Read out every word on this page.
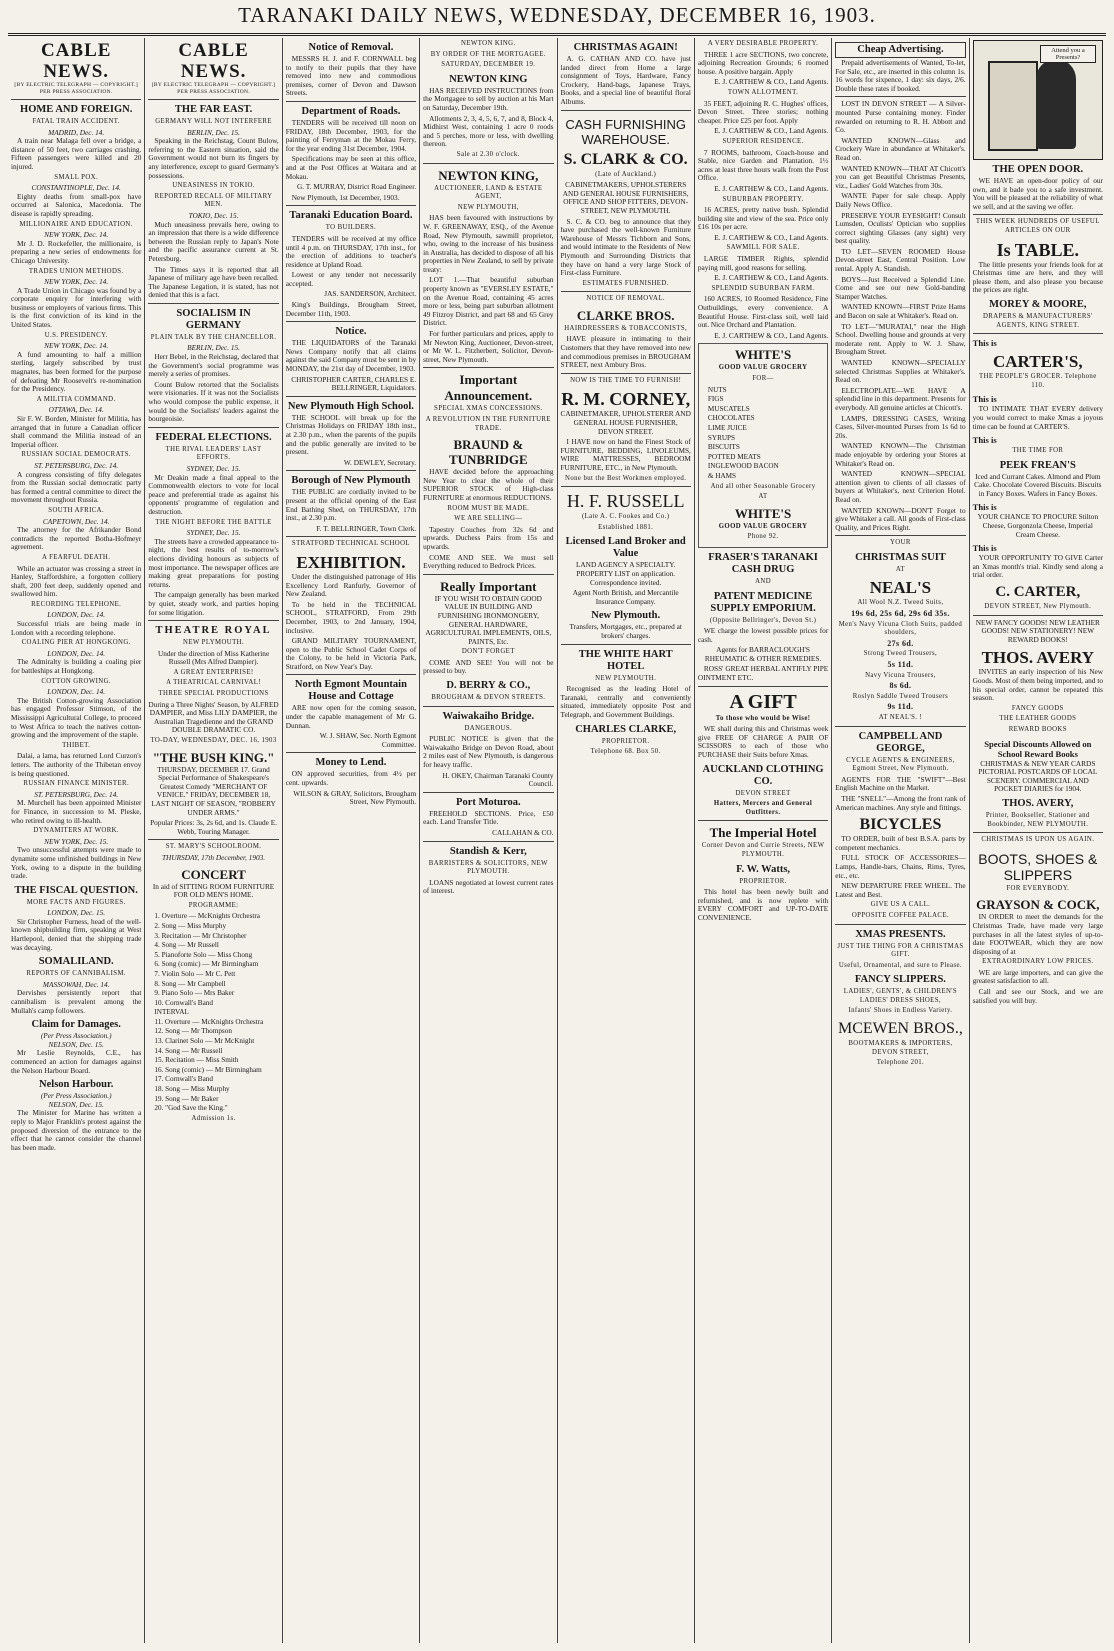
TARANAKI DAILY NEWS, WEDNESDAY, DECEMBER 16, 1903.
CABLE NEWS.
[BY ELECTRIC TELEGRAPH — COPYRIGHT.]
PER PRESS ASSOCIATION.
HOME AND FOREIGN.
FATAL TRAIN ACCIDENT.
MADRID, Dec. 14.

A train near Malaga fell over a bridge, a distance of 50 feet, two carriages crashing. Fifteen passengers were killed and 20 injured.

SMALL POX.
CONSTANTINOPLE, Dec. 14.

Eighty deaths from small-pox have occurred at Salonica, Macedonia. The disease is rapidly spreading.

MILLIONAIRE AND EDUCATION.
NEW YORK, Dec. 14.

Mr J. D. Rockefeller, the millionaire, is preparing a new series of endowments for Chicago University.

TRADES UNION METHODS.
NEW YORK, Dec. 14.

A Trade Union in Chicago was found by a corporate enquiry for interfering with business or employers of various firms. This is the first conviction of its kind in the United States.

U.S. PRESIDENCY.
NEW YORK, Dec. 14.

A fund amounting to half a million sterling, largely subscribed by trust magnates, has been formed for the purpose of defeating Mr Roosevelt's re-nomination for the Presidency.

A MILITIA COMMAND.
OTTAWA, Dec. 14.

Sir F. W. Borden, Minister for Militia, has arranged that in future a Canadian officer shall command the Militia instead of an Imperial officer.

RUSSIAN SOCIAL DEMOCRATS.
ST. PETERSBURG, Dec. 14.

A congress consisting of fifty delegates from the Russian social democratic party has formed a central committee to direct the movement throughout Russia.

SOUTH AFRICA.
CAPETOWN, Dec. 14.

The attorney for the Afrikander Bond contradicts the reported Botha-Hofmeyr agreement.

A FEARFUL DEATH.

While an actuator was crossing a street in Hanley, Staffordshire, a forgotten colliery shaft, 200 feet deep, suddenly opened and swallowed him.

RECORDING TELEPHONE.
LONDON, Dec. 14.

Successful trials are being made in London with a recording telephone.

COALING PIER AT HONGKONG.
LONDON, Dec. 14.

The Admiralty is building a coaling pier for battleships at Hongkong.

COTTON GROWING.
LONDON, Dec. 14.

The British Cotton-growing Association has engaged Professor Stimson, of the Mississippi Agricultural College, to proceed to West Africa to teach the natives cotton-growing and the improvement of the staple.

THIBET.

Dalai, a lama, has returned Lord Curzon's letters. The authority of the Thibetan envoy is being questioned.

RUSSIAN FINANCE MINISTER.
ST. PETERSBURG, Dec. 14.

M. Murchell has been appointed Minister for Finance, in succession to M. Pleske, who retired owing to ill-health.

DYNAMITERS AT WORK.
NEW YORK, Dec. 15.

Two unsuccessful attempts were made to dynamite some unfinished buildings in New York, owing to a dispute in the building trade.

THE FISCAL QUESTION.
MORE FACTS AND FIGURES.
LONDON, Dec. 15.

Sir Christopher Furness, head of the well-known shipbuilding firm, speaking at West Hartlepool, denied that the shipping trade was decaying.

SOMALILAND.
REPORTS OF CANNIBALISM.
MASSOWAH, Dec. 14.

Dervishes persistently report that cannibalism is prevalent among the Mullah's camp followers.

Claim for Damages.
(Per Press Association.)
NELSON, Dec. 15.

Mr Leslie Reynolds, C.E., has commenced an action for damages against the Nelson Harbour Board.

Nelson Harbour.
(Per Press Association.)
NELSON, Dec. 15.

The Minister for Marine has written a reply to Major Franklin's protest against the proposed diversion of the entrance to the effect that he cannot consider the channel has been made.

CABLE NEWS.
[BY ELECTRIC TELEGRAPH — COPYRIGHT.]
PER PRESS ASSOCIATION.
THE FAR EAST.
GERMANY WILL NOT INTERFERE
BERLIN, Dec. 15.

Speaking in the Reichstag, Count Bulow, referring to the Eastern situation, said the Government would not burn its fingers by any interference, except to guard Germany's possessions.

UNEASINESS IN TOKIO.
REPORTED RECALL OF MILITARY MEN.
TOKIO, Dec. 15.

Much uneasiness prevails here, owing to an impression that there is a wide difference between the Russian reply to Japan's Note and the pacific assurance current at St. Petersburg.

The Times says it is reported that all Japanese of military age have been recalled. The Japanese Legation, it is stated, has not denied that this is a fact.

SOCIALISM IN GERMANY
PLAIN TALK BY THE CHANCELLOR.
BERLIN, Dec. 15.

Herr Bebel, in the Reichstag, declared that the Government's social programme was merely a series of promises.

Count Bulow retorted that the Socialists were visionaries. If it was not the Socialists who would compose the public expense, it would be the Socialists' leaders against the bourgeoisie.

FEDERAL ELECTIONS.
THE RIVAL LEADERS' LAST EFFORTS.
SYDNEY, Dec. 15.

Mr Deakin made a final appeal to the Commonwealth electors to vote for local peace and preferential trade as against his opponents' programme of regulation and destruction.

THE NIGHT BEFORE THE BATTLE
SYDNEY, Dec. 15.

The streets have a crowded appearance to-night, the best results of to-morrow's elections dividing honours as subjects of most importance. The newspaper offices are making great preparations for posting returns.

The campaign generally has been marked by quiet, steady work, and parties hoping for some litigation.

THEATRE ROYAL
NEW PLYMOUTH.

Under the direction of Miss Katherine Russell (Mrs Alfred Dampier).

A GREAT ENTERPRISE!
A THEATRICAL CARNIVAL!
THREE SPECIAL PRODUCTIONS

During a Three Nights' Season, by ALFRED DAMPIER, and Miss LILY DAMPIER, the Australian Tragedienne and the GRAND DOUBLE DRAMATIC CO.

TO-DAY, WEDNESDAY, DEC. 16, 1903
"THE BUSH KING."

THURSDAY, DECEMBER 17. Grand Special Performance of Shakespeare's Greatest Comedy "MERCHANT OF VENICE." FRIDAY, DECEMBER 18, LAST NIGHT OF SEASON, "ROBBERY UNDER ARMS."

Popular Prices: 3s, 2s 6d, and 1s. Claude E. Webb, Touring Manager.

ST. MARY'S SCHOOLROOM.
THURSDAY, 17th December, 1903.
CONCERT

In aid of SITTING ROOM FURNITURE FOR OLD MEN'S HOME.

PROGRAMME:
1. Overture — McKnights Orchestra
2. Song — Miss Murphy
3. Recitation — Mr Christopher
4. Song — Mr Russell
5. Pianoforte Solo — Miss Chong
6. Song (comic) — Mr Birmingham
7. Violin Solo — Mr C. Pett
8. Song — Mr Campbell
9. Piano Solo — Mrs Baker
10. Cornwall's Band
INTERVAL
11. Overture — McKnights Orchestra
12. Song — Mr Thompson
13. Clarinet Solo — Mr McKnight
14. Song — Mr Russell
15. Recitation — Miss Smith
16. Song (comic) — Mr Birmingham
17. Cornwall's Band
18. Song — Miss Murphy
19. Song — Mr Baker
20. "God Save the King."
Admission 1s.
Notice of Removal.

MESSRS H. J. and F. CORNWALL beg to notify to their pupils that they have removed into new and commodious premises, corner of Devon and Dawson Streets.

Department of Roads.

TENDERS will be received till noon on FRIDAY, 18th December, 1903, for the painting of Ferryman at the Mokau Ferry, for the year ending 31st December, 1904.

Specifications may be seen at this office, and at the Post Offices at Waitara and at Mokau.

G. T. MURRAY, District Road Engineer.

New Plymouth, 1st December, 1903.

Taranaki Education Board.
TO BUILDERS.

TENDERS will be received at my office until 4 p.m. on THURSDAY, 17th inst., for the erection of additions to teacher's residence at Upland Road.

Lowest or any tender not necessarily accepted.

JAS. SANDERSON, Architect.

King's Buildings, Brougham Street, December 11th, 1903.

Notice.

THE LIQUIDATORS of the Taranaki News Company notify that all claims against the said Company must be sent in by MONDAY, the 21st day of December, 1903.

CHRISTOPHER CARTER, CHARLES E. BELLRINGER, Liquidators.

New Plymouth High School.

THE SCHOOL will break up for the Christmas Holidays on FRIDAY 18th inst., at 2.30 p.m., when the parents of the pupils and the public generally are invited to be present.

W. DEWLEY, Secretary.

Borough of New Plymouth

THE PUBLIC are cordially invited to be present at the official opening of the East End Bathing Shed, on THURSDAY, 17th inst., at 2.30 p.m.

F. T. BELLRINGER, Town Clerk.

STRATFORD TECHNICAL SCHOOL
EXHIBITION.

Under the distinguished patronage of His Excellency Lord Ranfurly, Governor of New Zealand.

To be held in the TECHNICAL SCHOOL, STRATFORD, From 29th December, 1903, to 2nd January, 1904, inclusive.

GRAND MILITARY TOURNAMENT, open to the Public School Cadet Corps of the Colony, to be held in Victoria Park, Stratford, on New Year's Day.

North Egmont Mountain House and Cottage

ARE now open for the coming season, under the capable management of Mr G. Dunnan.

W. J. SHAW, Sec. North Egmont Committee.

Money to Lend.

ON approved securities, from 4½ per cent. upwards.

WILSON & GRAY, Solicitors, Brougham Street, New Plymouth.

NEWTON KING.
BY ORDER OF THE MORTGAGEE.
SATURDAY, DECEMBER 19.
NEWTON KING

HAS RECEIVED INSTRUCTIONS from the Mortgagee to sell by auction at his Mart on Saturday, December 19th.

Allotments 2, 3, 4, 5, 6, 7, and 8, Block 4, Midhirst West, containing 1 acre 0 roods and 5 perches, more or less, with dwelling thereon.

Sale at 2.30 o'clock.
NEWTON KING,
AUCTIONEER, LAND & ESTATE AGENT,
NEW PLYMOUTH,

HAS been favoured with instructions by W. F. GREENAWAY, ESQ., of the Avenue Road, New Plymouth, sawmill proprietor, who, owing to the increase of his business in Australia, has decided to dispose of all his properties in New Zealand, to sell by private treaty:

LOT 1.—That beautiful suburban property known as "EVERSLEY ESTATE," on the Avenue Road, containing 45 acres more or less, being part suburban allotment 49 Fitzroy District, and part 68 and 65 Grey District.

For further particulars and prices, apply to Mr Newton King, Auctioneer, Devon-street, or Mr W. L. Fitzherbert, Solicitor, Devon-street, New Plymouth.

Important
Announcement.
SPECIAL XMAS CONCESSIONS.
A REVOLUTION IN THE FURNITURE TRADE.
BRAUND & TUNBRIDGE

HAVE decided before the approaching New Year to clear the whole of their SUPERIOR STOCK of High-class FURNITURE at enormous REDUCTIONS.

ROOM MUST BE MADE.
WE ARE SELLING—

Tapestry Couches from 32s 6d and upwards. Duchess Pairs from 15s and upwards.

COME AND SEE. We must sell Everything reduced to Bedrock Prices.

Really Important

IF YOU WISH TO OBTAIN GOOD VALUE IN BUILDING AND FURNISHING IRONMONGERY, GENERAL HARDWARE, AGRICULTURAL IMPLEMENTS, OILS, PAINTS, Etc.

DON'T FORGET

COME AND SEE! You will not be pressed to buy.

D. BERRY & CO.,
BROUGHAM & DEVON STREETS.
Waiwakaiho Bridge.
DANGEROUS.

PUBLIC NOTICE is given that the Waiwakaiho Bridge on Devon Road, about 2 miles east of New Plymouth, is dangerous for heavy traffic.

H. OKEY, Chairman Taranaki County Council.

Port Moturoa.

FREEHOLD SECTIONS. Price, £50 each. Land Transfer Title.

CALLAHAN & CO.

Standish & Kerr,
BARRISTERS & SOLICITORS, NEW PLYMOUTH.

LOANS negotiated at lowest current rates of interest.

CHRISTMAS AGAIN!

A. G. CATHAN AND CO. have just landed direct from Home a large consignment of Toys, Hardware, Fancy Crockery, Hand-bags, Japanese Trays, Books, and a special line of beautiful floral Albums.

CASH FURNISHING WAREHOUSE.
S. CLARK & CO.
(Late of Auckland.)

CABINETMAKERS, UPHOLSTERERS AND GENERAL HOUSE FURNISHERS, OFFICE AND SHOP FITTERS, DEVON-STREET, NEW PLYMOUTH.

S. C. & CO. beg to announce that they have purchased the well-known Furniture Warehouse of Messrs Tichborn and Sons, and would intimate to the Residents of New Plymouth and Surrounding Districts that they have on hand a very large Stock of First-class Furniture.

ESTIMATES FURNISHED.
NOTICE OF REMOVAL.
CLARKE BROS.
HAIRDRESSERS & TOBACCONISTS,

HAVE pleasure in intimating to their Customers that they have removed into new and commodious premises in BROUGHAM STREET, next Ambury Bros.

NOW IS THE TIME TO FURNISH!
R. M. CORNEY,

CABINETMAKER, UPHOLSTERER AND GENERAL HOUSE FURNISHER, DEVON STREET.

I HAVE now on hand the Finest Stock of FURNITURE, BEDDING, LINOLEUMS, WIRE MATTRESSES, BEDROOM FURNITURE, ETC., in New Plymouth.

None but the Best Workmen employed.
H. F. RUSSELL
(Late A. C. Fookes and Co.)
Established 1881.
Licensed Land Broker and Value

LAND AGENCY A SPECIALTY. PROPERTY LIST on application. Correspondence invited.

Agent North British, and Mercantile Insurance Company.

New Plymouth.

Transfers, Mortgages, etc., prepared at brokers' charges.

THE WHITE HART HOTEL
NEW PLYMOUTH.

Recognised as the leading Hotel of Taranaki, centrally and conveniently situated, immediately opposite Post and Telegraph, and Government Buildings.

CHARLES CLARKE,
PROPRIETOR.
Telephone 68. Box 50.
A VERY DESIRABLE PROPERTY.

THREE 1 acre SECTIONS, two concrete, adjoining Recreation Grounds; 6 roomed house. A positive bargain. Apply

E. J. CARTHEW & CO., Land Agents.

TOWN ALLOTMENT.

35 FEET, adjoining R. C. Hughes' offices, Devon Street. Three stories; nothing cheaper. Price £25 per foot. Apply

E. J. CARTHEW & CO., Land Agents.

SUPERIOR RESIDENCE.

7 ROOMS, bathroom, Coach-house and Stable, nice Garden and Plantation. 1½ acres at least three hours walk from the Post Office.

E. J. CARTHEW & CO., Land Agents.

SUBURBAN PROPERTY.

16 ACRES, pretty native bush. Splendid building site and view of the sea. Price only £16 10s per acre.

E. J. CARTHEW & CO., Land Agents.

SAWMILL FOR SALE.

LARGE TIMBER Rights, splendid paying mill, good reasons for selling.

E. J. CARTHEW & CO., Land Agents.

SPLENDID SUBURBAN FARM.

160 ACRES, 10 Roomed Residence, Fine Outbuildings, every convenience. A Beautiful House. First-class soil, well laid out. Nice Orchard and Plantation.

E. J. CARTHEW & CO., Land Agents.

WHITE'S
GOOD VALUE GROCERY
FOR—
NUTS
FIGS
MUSCATELS
CHOCOLATES
LIME JUICE
SYRUPS
BISCUITS
POTTED MEATS
INGLEWOOD BACON
& HAMS
And all other Seasonable Grocery
AT
WHITE'S
GOOD VALUE GROCERY
Phone 92.
FRASER'S TARANAKI CASH DRUG
AND
PATENT MEDICINE SUPPLY EMPORIUM.
(Opposite Bellringer's, Devon St.)

WE charge the lowest possible prices for cash.

Agents for BARRACLOUGH'S RHEUMATIC & OTHER REMEDIES.

ROSS' GREAT HERBAL ANTIFLY PIPE OINTMENT ETC.

A GIFT
To those who would be Wise!

WE shall during this and Christmas week give FREE OF CHARGE A PAIR OF SCISSORS to each of those who PURCHASE their Suits before Xmas.

AUCKLAND CLOTHING CO.
DEVON STREET
Hatters, Mercers and General Outfitters.
The Imperial Hotel
Corner Devon and Currie Streets, NEW PLYMOUTH.
F. W. Watts,
PROPRIETOR.

This hotel has been newly built and refurnished, and is now replete with EVERY COMFORT and UP-TO-DATE CONVENIENCE.

Cheap Advertising.

Prepaid advertisements of Wanted, To-let, For Sale, etc., are inserted in this column 1s. 16 words for sixpence, 1 day: six days, 2/6. Double these rates if booked.

LOST IN DEVON STREET — A Silver-mounted Purse containing money. Finder rewarded on returning to R. H. Abbott and Co.

WANTED KNOWN—Glass and Crockery Ware in abundance at Whitaker's. Read on.

WANTED KNOWN—THAT AT Chicott's you can get Beautiful Christmas Presents, viz., Ladies' Gold Watches from 30s.

WANTE Paper for sale cheap. Apply Daily News Office.

PRESERVE YOUR EYESIGHT! Consult Lumsden, Oculists' Optician who supplies correct sighting Glasses (any sight) very best quality.

TO LET—SEVEN ROOMED House Devon-street East, Central Position. Low rental. Apply A. Standish.

BOYS—Just Received a Splendid Line. Come and see our new Gold-banding Stamper Watches.

WANTED KNOWN—FIRST Prize Hams and Bacon on sale at Whitaker's. Read on.

TO LET—"MURATAI," near the High School. Dwelling house and grounds at very moderate rent. Apply to W. J. Shaw, Brougham Street.

WANTED KNOWN—SPECIALLY selected Christmas Supplies at Whitaker's. Read on.

ELECTROPLATE—WE HAVE A splendid line in this department. Presents for everybody. All genuine articles at Chicott's.

LAMPS, DRESSING CASES, Writing Cases, Silver-mounted Purses from 1s 6d to 20s.

WANTED KNOWN—The Christman made enjoyable by ordering your Stores at Whitaker's Read on.

WANTED KNOWN—SPECIAL attention given to clients of all classes of buyers at Whitaker's, next Criterion Hotel. Read on.

WANTED KNOWN—DON'T Forget to give Whitaker a call. All goods of First-class Quality, and Prices Right.

YOUR
CHRISTMAS SUIT
AT
NEAL'S
All Wool N.Z. Tweed Suits,
19s 6d, 25s 6d, 29s 6d 35s.
Men's Navy Vicuna Cloth Suits, padded shoulders,
27s 6d.
Strong Tweed Trousers,
5s 11d.
Navy Vicuna Trousers,
8s 6d.
Roslyn Saddle Tweed Trousers
9s 11d.
AT NEAL'S. !
CAMPBELL AND GEORGE,
CYCLE AGENTS & ENGINEERS, Egmont Street, New Plymouth.

AGENTS FOR THE "SWIFT"—Best English Machine on the Market.

THE "SNELL"—Among the front rank of American machines. Any style and fittings.

BICYCLES

TO ORDER, built of best B.S.A. parts by competent mechanics.

FULL STOCK OF ACCESSORIES— Lamps, Handle-bars, Chains, Rims, Tyres, etc., etc.

NEW DEPARTURE FREE WHEEL. The Latest and Best.

GIVE US A CALL.
OPPOSITE COFFEE PALACE.
XMAS PRESENTS.
JUST THE THING FOR A CHRISTMAS GIFT.
Useful, Ornamental, and sure to Please.
FANCY SLIPPERS.
LADIES', GENTS', & CHILDREN'S LADIES' DRESS SHOES,
Infants' Shoes in Endless Variety.
MCEWEN BROS.,
BOOTMAKERS & IMPORTERS, DEVON STREET,
Telephone 201.
Attend you a Presents?
THE OPEN DOOR.

WE HAVE an open-door policy of our own, and it bade you to a safe investment. You will be pleased at the reliability of what we sell, and at the saving we offer.

THIS WEEK HUNDREDS OF USEFUL ARTICLES ON OUR
Is TABLE.

The little presents your friends look for at Christmas time are here, and they will please them, and also please you because the prices are right.

MOREY & MOORE,
DRAPERS & MANUFACTURERS' AGENTS, KING STREET.
This is
CARTER'S,
THE PEOPLE'S GROCER. Telephone 110.
This is

TO INTIMATE THAT EVERY delivery you would correct to make Xmas a joyous time can be found at CARTER'S.

This is
THE TIME FOR
PEEK FREAN'S

Iced and Currant Cakes. Almond and Plum Cake. Chocolate Covered Biscuits. Biscuits in Fancy Boxes. Wafers in Fancy Boxes.

This is

YOUR CHANCE TO PROCURE Stilton Cheese, Gorgonzola Cheese, Imperial Cream Cheese.

This is

YOUR OPPORTUNITY TO GIVE Carter an Xmas month's trial. Kindly send along a trial order.

C. CARTER,
DEVON STREET, New Plymouth.

NEW FANCY GOODS! NEW LEATHER GOODS! NEW STATIONERY! NEW REWARD BOOKS!

THOS. AVERY

INVITES an early inspection of his New Goods. Most of them being imported, and to his special order, cannot be repeated this season.

FANCY GOODS
THE LEATHER GOODS
REWARD BOOKS
Special Discounts Allowed on School Reward Books

CHRISTMAS & NEW YEAR CARDS PICTORIAL POSTCARDS OF LOCAL SCENERY. COMMERCIAL AND POCKET DIARIES for 1904.

THOS. AVERY,
Printer, Bookseller, Stationer and Bookbinder, NEW PLYMOUTH.
CHRISTMAS IS UPON US AGAIN.
BOOTS, SHOES & SLIPPERS
FOR EVERYBODY.
GRAYSON & COCK,

IN ORDER to meet the demands for the Christmas Trade, have made very large purchases in all the latest styles of up-to-date FOOTWEAR, which they are now disposing of at

EXTRAORDINARY LOW PRICES.

WE are large importers, and can give the greatest satisfaction to all.

Call and see our Stock, and we are satisfied you will buy.
